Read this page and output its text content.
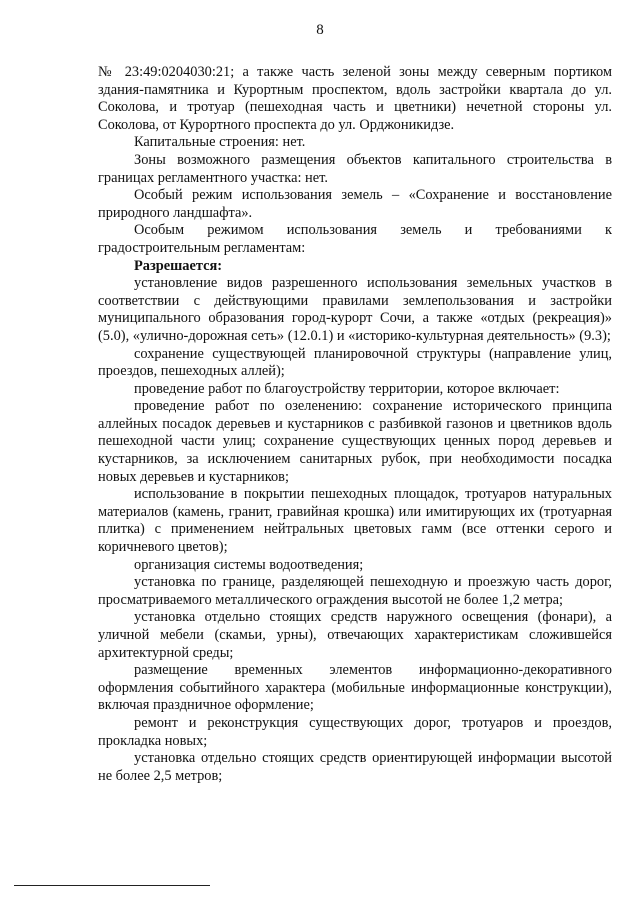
8

№ 23:49:0204030:21; а также часть зеленой зоны между северным портиком здания-памятника и Курортным проспектом, вдоль застройки квартала до ул. Соколова, и тротуар (пешеходная часть и цветники) нечетной стороны ул. Соколова, от Курортного проспекта до ул. Орджоникидзе.

Капитальные строения: нет.

Зоны возможного размещения объектов капитального строительства в границах регламентного участка: нет.

Особый режим использования земель – «Сохранение и восстановление природного ландшафта».

Особым режимом использования земель и требованиями к градостроительным регламентам:

Разрешается:

установление видов разрешенного использования земельных участков в соответствии с действующими правилами землепользования и застройки муниципального образования город-курорт Сочи, а также «отдых (рекреация)» (5.0), «улично-дорожная сеть» (12.0.1) и «историко-культурная деятельность» (9.3);

сохранение существующей планировочной структуры (направление улиц, проездов, пешеходных аллей);

проведение работ по благоустройству территории, которое включает:

проведение работ по озеленению: сохранение исторического принципа аллейных посадок деревьев и кустарников с разбивкой газонов и цветников вдоль пешеходной части улиц; сохранение существующих ценных пород деревьев и кустарников, за исключением санитарных рубок, при необходимости посадка новых деревьев и кустарников;

использование в покрытии пешеходных площадок, тротуаров натуральных материалов (камень, гранит, гравийная крошка) или имитирующих их (тротуарная плитка) с применением нейтральных цветовых гамм (все оттенки серого и коричневого цветов);

организация системы водоотведения;

установка по границе, разделяющей пешеходную и проезжую часть дорог, просматриваемого металлического ограждения высотой не более 1,2 метра;

установка отдельно стоящих средств наружного освещения (фонари), а уличной мебели (скамьи, урны), отвечающих характеристикам сложившейся архитектурной среды;

размещение временных элементов информационно-декоративного оформления событийного характера (мобильные информационные конструкции), включая праздничное оформление;

ремонт и реконструкция существующих дорог, тротуаров и проездов, прокладка новых;

установка отдельно стоящих средств ориентирующей информации высотой не более 2,5 метров;
